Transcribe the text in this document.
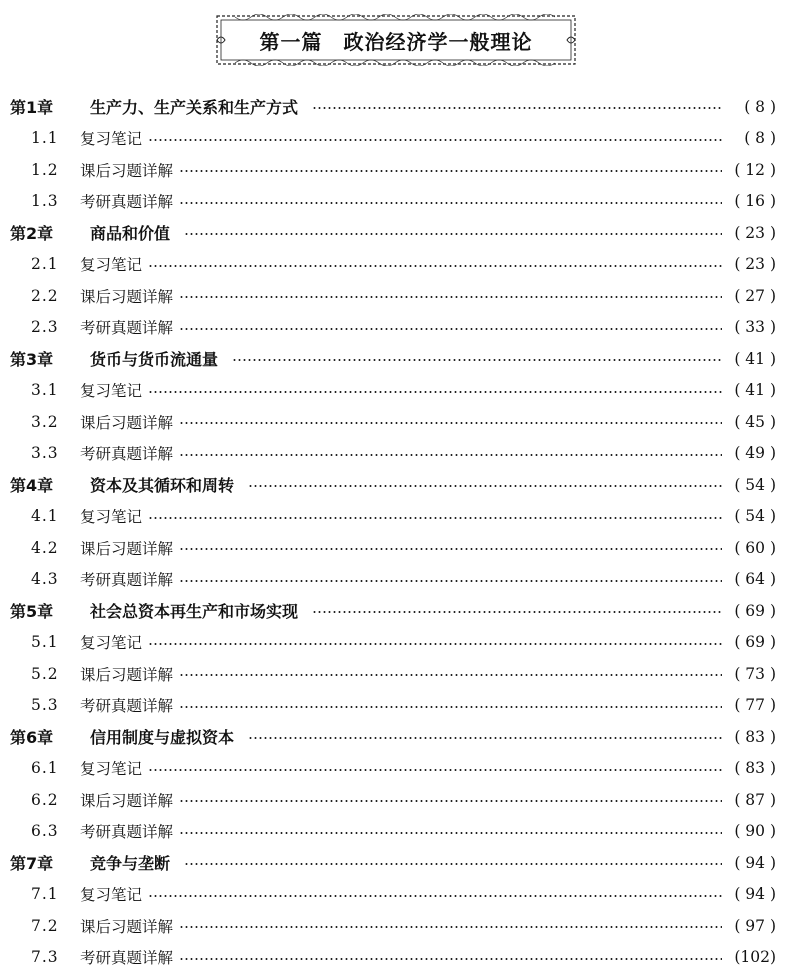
第一篇　政治经济学一般理论
第1章	生产力、生产关系和生产方式	( 8 )
1.1	复习笔记	( 8 )
1.2	课后习题详解	( 12 )
1.3	考研真题详解	( 16 )
第2章	商品和价值	( 23 )
2.1	复习笔记	( 23 )
2.2	课后习题详解	( 27 )
2.3	考研真题详解	( 33 )
第3章	货币与货币流通量	( 41 )
3.1	复习笔记	( 41 )
3.2	课后习题详解	( 45 )
3.3	考研真题详解	( 49 )
第4章	资本及其循环和周转	( 54 )
4.1	复习笔记	( 54 )
4.2	课后习题详解	( 60 )
4.3	考研真题详解	( 64 )
第5章	社会总资本再生产和市场实现	( 69 )
5.1	复习笔记	( 69 )
5.2	课后习题详解	( 73 )
5.3	考研真题详解	( 77 )
第6章	信用制度与虚拟资本	( 83 )
6.1	复习笔记	( 83 )
6.2	课后习题详解	( 87 )
6.3	考研真题详解	( 90 )
第7章	竞争与垄断	( 94 )
7.1	复习笔记	( 94 )
7.2	课后习题详解	( 97 )
7.3	考研真题详解	(102)
